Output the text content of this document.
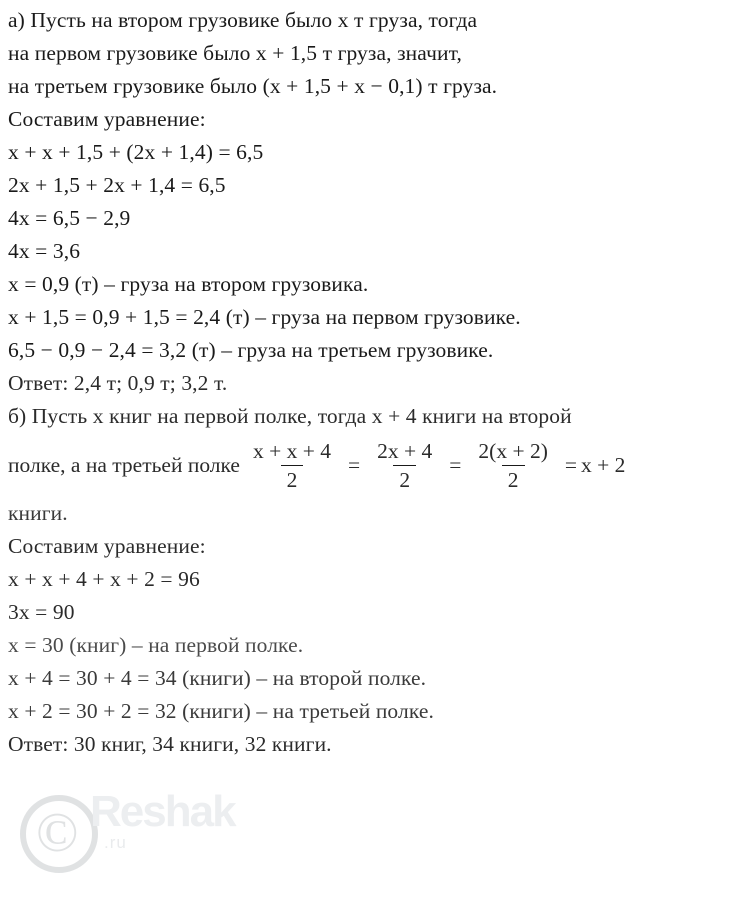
а) Пусть на втором грузовике было x т груза, тогда
на первом грузовике было x + 1,5 т груза, значит,
на третьем грузовике было (x + 1,5 + x − 0,1) т груза.
Составим уравнение:
x + x + 1,5 + (2x + 1,4) = 6,5
2x + 1,5 + 2x + 1,4 = 6,5
4x = 6,5 − 2,9
4x = 3,6
x = 0,9 (т) – груза на втором грузовика.
x + 1,5 = 0,9 + 1,5 = 2,4 (т) – груза на первом грузовике.
6,5 − 0,9 − 2,4 = 3,2 (т) – груза на третьем грузовике.
Ответ: 2,4 т; 0,9 т; 3,2 т.
б) Пусть x книг на первой полке, тогда x + 4 книги на второй
полке, а на третьей полке $\frac{x + x + 4}{2} = \frac{2x + 4}{2} = \frac{2(x + 2)}{2} = x + 2$
книги.
Составим уравнение:
x + x + 4 + x + 2 = 96
3x = 90
x = 30 (книг) – на первой полке.
x + 4 = 30 + 4 = 34 (книги) – на второй полке.
x + 2 = 30 + 2 = 32 (книги) – на третьей полке.
Ответ: 30 книг, 34 книги, 32 книги.
© Reshak
.ru
